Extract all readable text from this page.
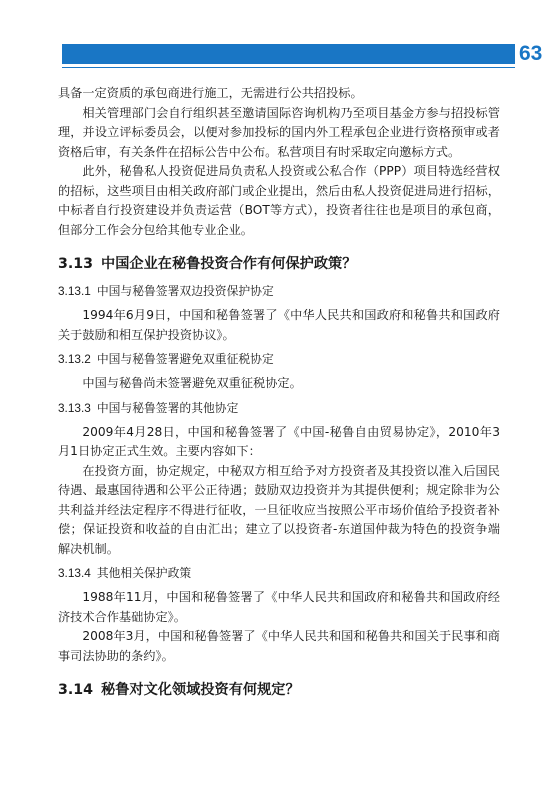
秘鲁
63

具备一定资质的承包商进行施工，无需进行公共招投标。

相关管理部门会自行组织甚至邀请国际咨询机构乃至项目基金方参与招投标管理，并设立评标委员会，以便对参加投标的国内外工程承包企业进行资格预审或者资格后审，有关条件在招标公告中公布。私营项目有时采取定向邀标方式。

此外，秘鲁私人投资促进局负责私人投资或公私合作（PPP）项目特选经营权的招标，这些项目由相关政府部门或企业提出，然后由私人投资促进局进行招标，中标者自行投资建设并负责运营（BOT等方式），投资者往往也是项目的承包商，但部分工作会分包给其他专业企业。

3.13 中国企业在秘鲁投资合作有何保护政策？
3.13.1 中国与秘鲁签署双边投资保护协定

1994年6月9日，中国和秘鲁签署了《中华人民共和国政府和秘鲁共和国政府关于鼓励和相互保护投资协议》。

3.13.2 中国与秘鲁签署避免双重征税协定

中国与秘鲁尚未签署避免双重征税协定。

3.13.3 中国与秘鲁签署的其他协定

2009年4月28日，中国和秘鲁签署了《中国-秘鲁自由贸易协定》，2010年3月1日协定正式生效。主要内容如下：

在投资方面，协定规定，中秘双方相互给予对方投资者及其投资以准入后国民待遇、最惠国待遇和公平公正待遇；鼓励双边投资并为其提供便利；规定除非为公共利益并经法定程序不得进行征收，一旦征收应当按照公平市场价值给予投资者补偿；保证投资和收益的自由汇出；建立了以投资者-东道国仲裁为特色的投资争端解决机制。

3.13.4 其他相关保护政策

1988年11月，中国和秘鲁签署了《中华人民共和国政府和秘鲁共和国政府经济技术合作基础协定》。

2008年3月，中国和秘鲁签署了《中华人民共和国和秘鲁共和国关于民事和商事司法协助的条约》。

3.14 秘鲁对文化领域投资有何规定？
